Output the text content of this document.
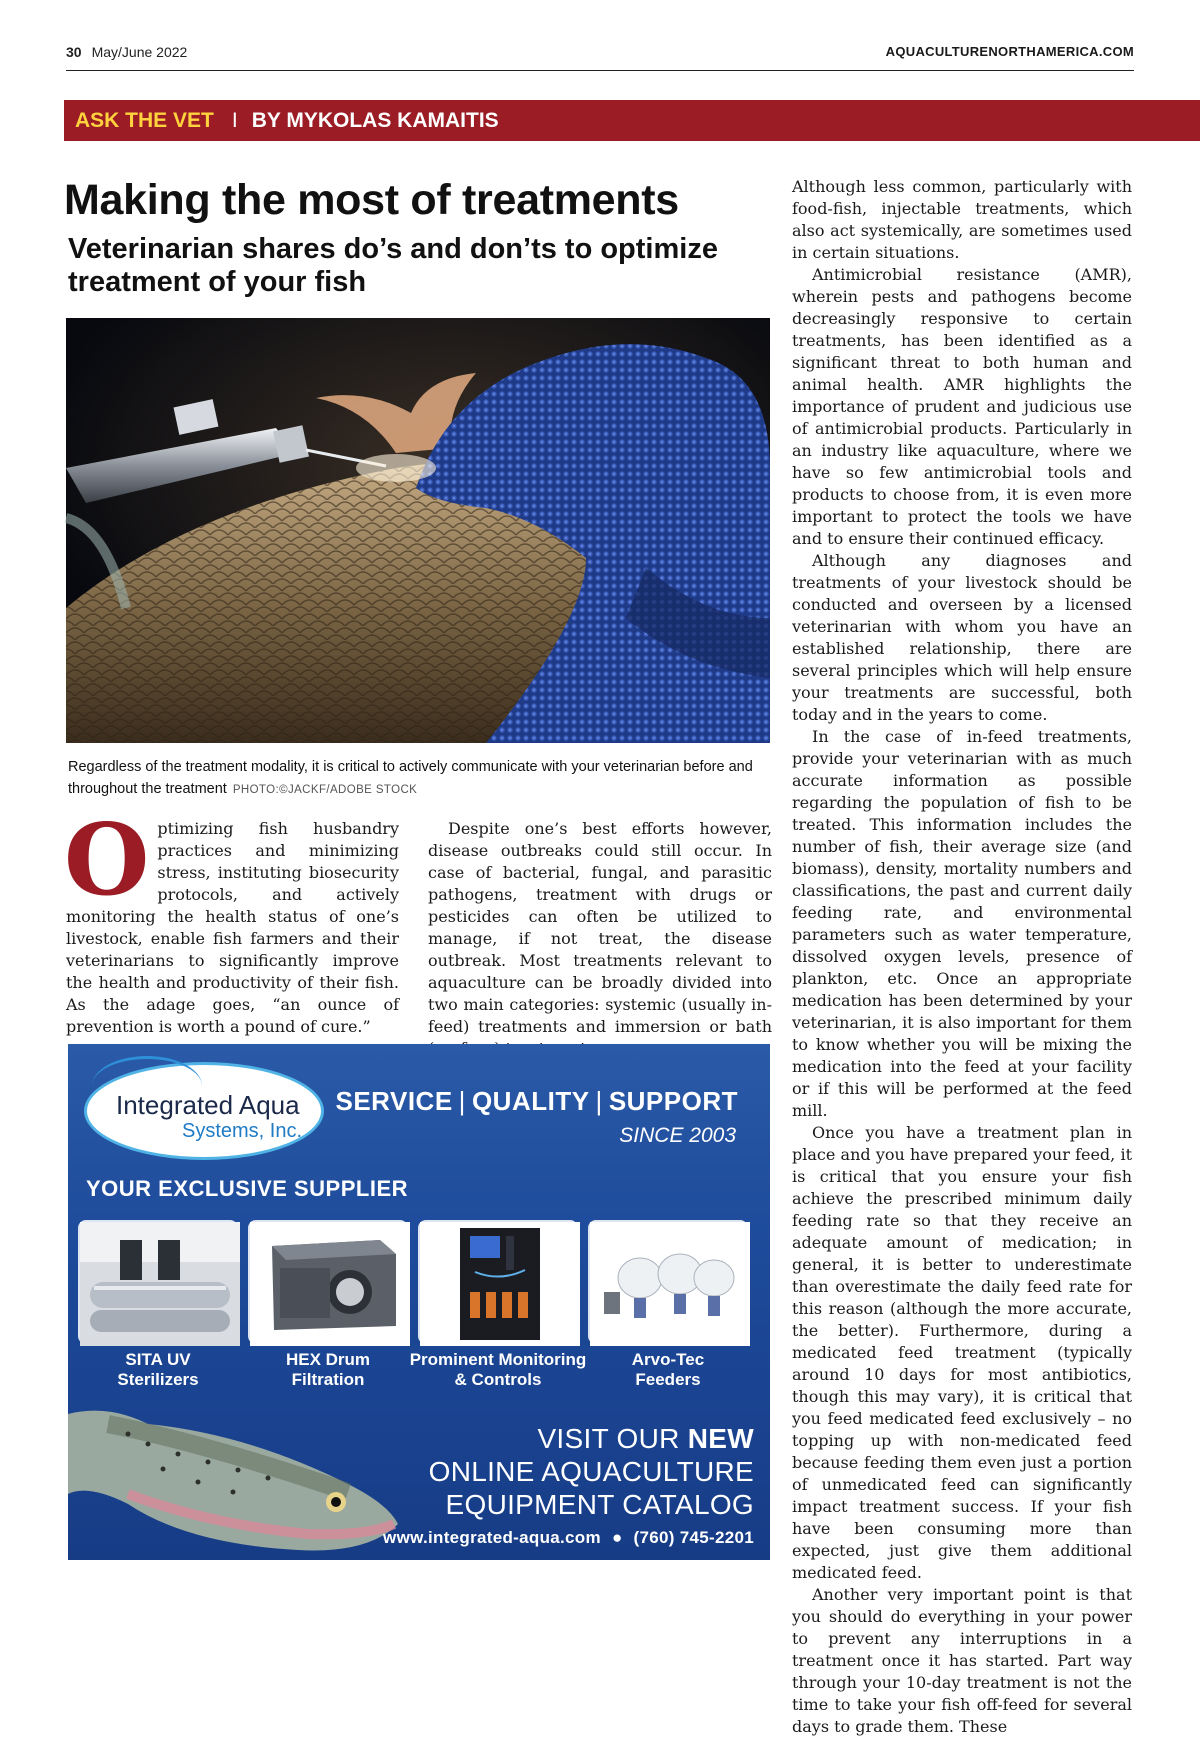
30 May/June 2022	AQUACULTURENORTHAMERICA.COM
ASK THE VET I BY MYKOLAS KAMAITIS
Making the most of treatments
Veterinarian shares do’s and don’ts to optimize treatment of your fish
Regardless of the treatment modality, it is critical to actively communicate with your veterinarian before and throughout the treatment PHOTO:©JACKF/ADOBE STOCK

Optimizing fish husbandry practices and minimizing stress, instituting biosecurity protocols, and actively monitoring the health status of one’s livestock, enable fish farmers and their veterinarians to significantly improve the health and productivity of their fish. As the adage goes, “an ounce of prevention is worth a pound of cure.”

Despite one’s best efforts however, disease outbreaks could still occur. In case of bacterial, fungal, and parasitic pathogens, treatment with drugs or pesticides can often be utilized to manage, if not treat, the disease outbreak. Most treatments relevant to aquaculture can be broadly divided into two main categories: systemic (usually in-feed) treatments and immersion or bath

Although less common, particularly with food-fish, injectable treatments, which also act systemically, are sometimes used in certain situations.

Antimicrobial resistance (AMR), wherein pests and pathogens become decreasingly responsive to certain treatments, has been identified as a significant threat to both human and animal health. AMR highlights the importance of prudent and judicious use of antimicrobial products. Particularly in an industry like aquaculture, where we have so few antimicrobial tools and products to choose from, it is even more important to protect the tools we have and to ensure their continued efficacy.

Although any diagnoses and treatments of your livestock should be conducted and overseen by a licensed veterinarian with whom you have an established relationship, there are several principles which will help ensure your treatments are successful, both today and in the years to come.

In the case of in-feed treatments, provide your veterinarian with as much accurate information as possible regarding the population of fish to be treated. This information includes the number of fish, their average size (and biomass), density, mortality numbers and classifications, the past and current daily feeding rate, and environmental parameters such as water temperature, dissolved oxygen levels, presence of plankton, etc. Once an appropriate medication has been determined by your veterinarian, it is also important for them to know whether you will be mixing the medication into the feed at your facility or if this will be performed at the feed mill.

Once you have a treatment plan in place and you have prepared your feed, it is critical that you ensure your fish achieve the prescribed minimum daily feeding rate so that they receive an adequate amount of medication; in general, it is better to underestimate than overestimate the daily feed rate for this reason (although the more accurate, the better). Furthermore, during a medicated feed treatment (typically around 10 days for most antibiotics, though this may vary), it is critical that you feed medicated feed exclusively – no topping up with non-medicated feed because feeding them even just a portion of unmedicated feed can significantly impact treatment success. If your fish have been consuming more than expected, just give them additional medicated feed.

Another very important point is that you should do everything in your power to prevent any interruptions in a treatment once it has started. Part way through your 10-day treatment is not the time to take your fish off-feed for several days to grade them. These

Integrated Aqua
Systems, Inc.
SERVICE | QUALITY | SUPPORT
SINCE 2003
YOUR EXCLUSIVE SUPPLIER
SITA UV
Sterilizers
HEX Drum
Filtration
Prominent Monitoring
& Controls
Arvo-Tec
Feeders
VISIT OUR NEW
ONLINE AQUACULTURE
EQUIPMENT CATALOG
www.integrated-aqua.com ● (760) 745-2201
